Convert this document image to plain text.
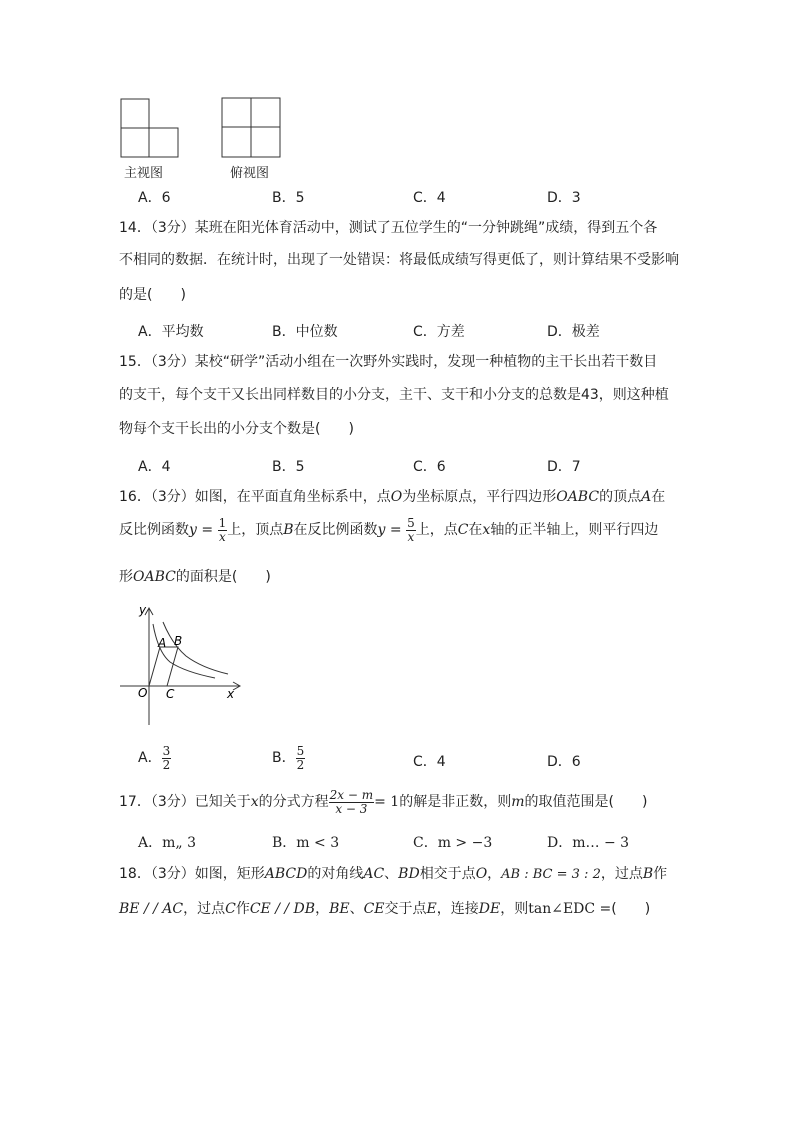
主视图	俯视图
A．6	B．5	C．4	D．3
14．（3分）某班在阳光体育活动中，测试了五位学生的“一分钟跳绳”成绩，得到五个各
不相同的数据．在统计时，出现了一处错误：将最低成绩写得更低了，则计算结果不受影响
的是(　　)
A．平均数	B．中位数	C．方差	D．极差
15．（3分）某校“研学”活动小组在一次野外实践时，发现一种植物的主干长出若干数目
的支干，每个支干又长出同样数目的小分支，主干、支干和小分支的总数是43，则这种植
物每个支干长出的小分支个数是(　　)
A．4	B．5	C．6	D．7
16．（3分）如图，在平面直角坐标系中，点O为坐标原点，平行四边形OABC的顶点A在
反比例函数$y = \frac{1}{x}$ 上，顶点B在反比例函数$y = \frac{5}{x}$ 上，点C在x轴的正半轴上，则平行四边
形OABC的面积是(　　)
y
x
O
A B
C
A． $\frac{3}{2}$	B． $\frac{5}{2}$	C．4	D．6
17．（3分）已知关于x的分式方程 $\frac{2x - m}{x - 3} = 1$的解是非正数，则m的取值范围是(　　)
A．m„ 3	B．m < 3	C．m > −3	D．m… − 3
18．（3分）如图，矩形ABCD的对角线AC、BD相交于点O，AB : BC = 3 : 2，过点B作
BE / / AC，过点C作CE / / DB，BE、CE交于点E，连接DE，则tan∠EDC =(　　)
